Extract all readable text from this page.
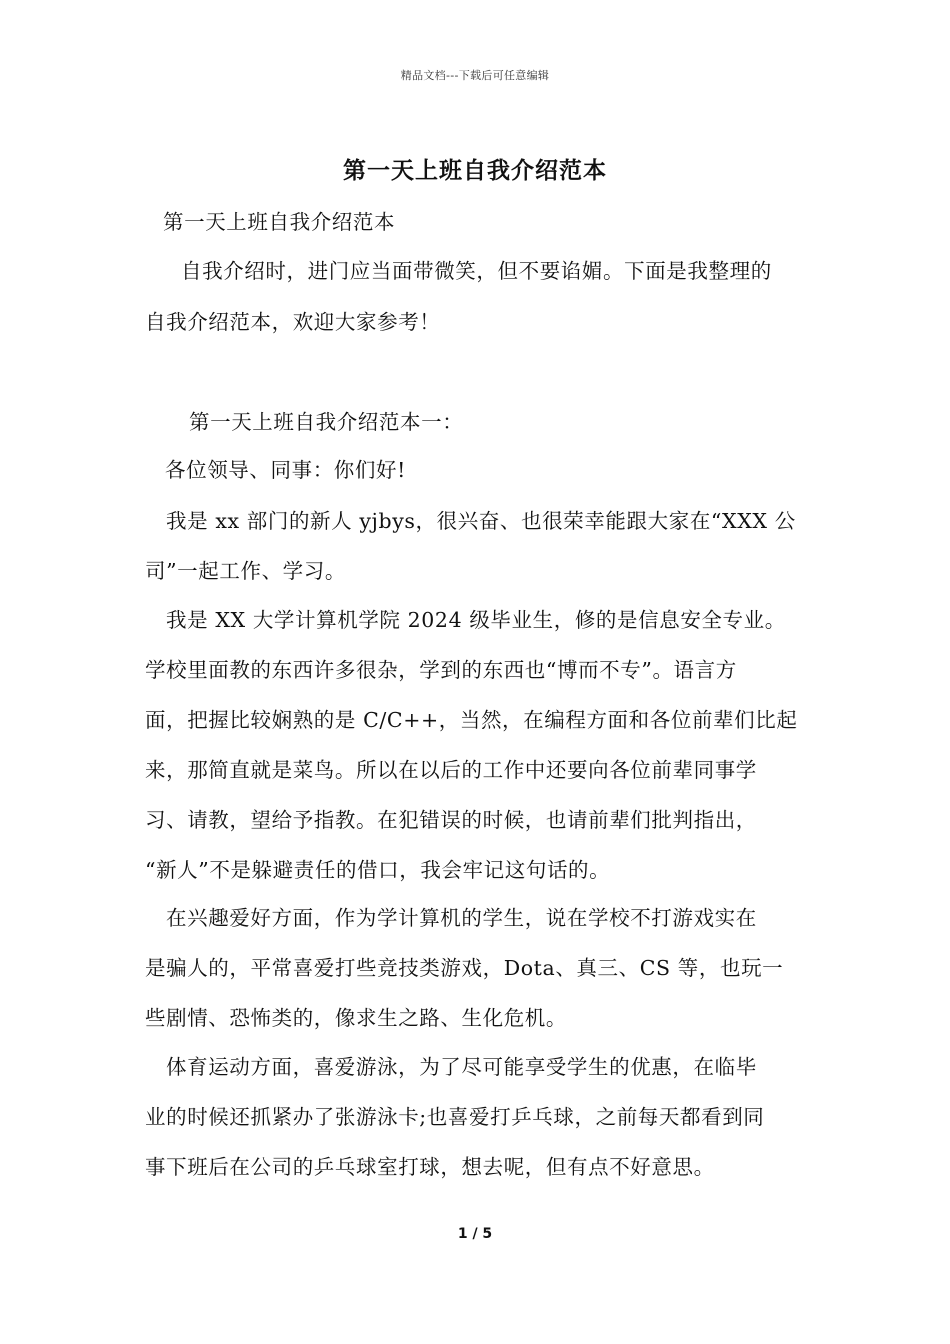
精品文档---下载后可任意编辑
第一天上班自我介绍范本
第一天上班自我介绍范本
自我介绍时，进门应当面带微笑，但不要谄媚。下面是我整理的
自我介绍范本，欢迎大家参考！
第一天上班自我介绍范本一：
各位领导、同事：你们好!
我是 xx 部门的新人 yjbys，很兴奋、也很荣幸能跟大家在“XXX 公
司”一起工作、学习。
我是 XX 大学计算机学院 2024 级毕业生，修的是信息安全专业。
学校里面教的东西许多很杂，学到的东西也“博而不专”。语言方
面，把握比较娴熟的是 C/C++，当然，在编程方面和各位前辈们比起
来，那简直就是菜鸟。所以在以后的工作中还要向各位前辈同事学
习、请教，望给予指教。在犯错误的时候，也请前辈们批判指出，
“新人”不是躲避责任的借口，我会牢记这句话的。
在兴趣爱好方面，作为学计算机的学生，说在学校不打游戏实在
是骗人的，平常喜爱打些竞技类游戏，Dota、真三、CS 等，也玩一
些剧情、恐怖类的，像求生之路、生化危机。
体育运动方面，喜爱游泳，为了尽可能享受学生的优惠，在临毕
业的时候还抓紧办了张游泳卡;也喜爱打乒乓球，之前每天都看到同
事下班后在公司的乒乓球室打球，想去呢，但有点不好意思。
1 / 5
